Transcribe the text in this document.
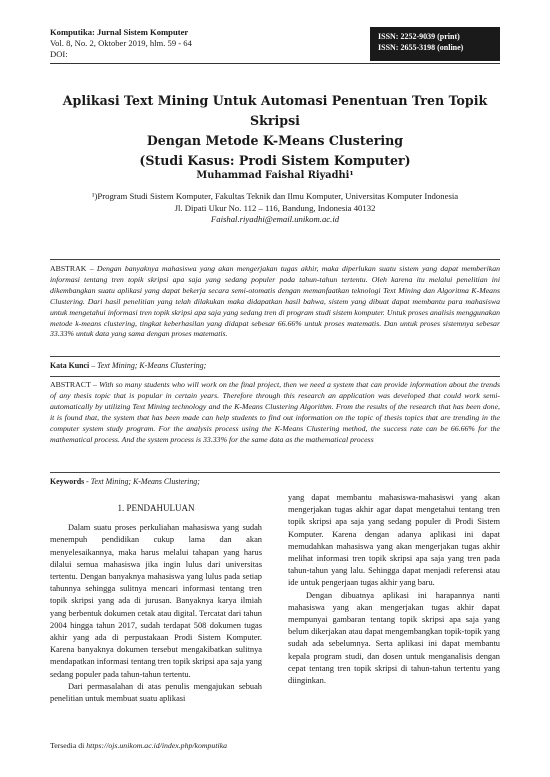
Komputika: Jurnal Sistem Komputer
Vol. 8, No. 2, Oktober 2019, hlm. 59 - 64
DOI:
ISSN: 2252-9039 (print)
ISSN: 2655-3198 (online)
Aplikasi Text Mining Untuk Automasi Penentuan Tren Topik Skripsi
Dengan Metode K-Means Clustering
(Studi Kasus: Prodi Sistem Komputer)
Muhammad Faishal Riyadhi¹
¹)Program Studi Sistem Komputer, Fakultas Teknik dan Ilmu Komputer, Universitas Komputer Indonesia
Jl. Dipati Ukur No. 112 – 116, Bandung, Indonesia 40132
Faishal.riyadhi@email.unikom.ac.id
ABSTRAK – Dengan banyaknya mahasiswa yang akan mengerjakan tugas akhir, maka diperlukan suatu sistem yang dapat memberikan informasi tentang tren topik skripsi apa saja yang sedang populer pada tahun-tahun tertentu. Oleh karena itu melalui penelitian ini dikembangkan suatu aplikasi yang dapat bekerja secara semi-otomatis dengan memanfaatkan teknologi Text Mining dan Algoritma K-Means Clustering. Dari hasil penelitian yang telah dilakukan maka didapatkan hasil bahwa, sistem yang dibuat dapat membantu para mahasiswa untuk mengetahui informasi tren topik skripsi apa saja yang sedang tren di program studi sistem komputer. Untuk proses analisis menggunakan metode k-means clustering, tingkat keberhasilan yang didapat sebesar 66.66% untuk proses matematis. Dan untuk proses sistemnya sebesar 33.33% untuk data yang sama dengan proses matematis.
Kata Kunci – Text Mining; K-Means Clustering;
ABSTRACT – With so many students who will work on the final project, then we need a system that can provide information about the trends of any thesis topic that is popular in certain years. Therefore through this research an application was developed that could work semi-automatically by utilizing Text Mining technology and the K-Means Clustering Algorithm. From the results of the research that has been done, it is found that, the system that has been made can help students to find out information on the topic of thesis topics that are trending in the computer system study program. For the analysis process using the K-Means Clustering method, the success rate can be 66.66% for the mathematical process. And the system process is 33.33% for the same data as the mathematical process
Keywords - Text Mining; K-Means Clustering;

1. PENDAHULUAN

Dalam suatu proses perkuliahan mahasiswa yang sudah menempuh pendidikan cukup lama dan akan menyelesaikannya, maka harus melalui tahapan yang harus dilalui semua mahasiswa jika ingin lulus dari universitas tertentu. Dengan banyaknya mahasiswa yang lulus pada setiap tahunnya sehingga sulitnya mencari informasi tentang tren topik skripsi yang ada di jurusan. Banyaknya karya ilmiah yang berbentuk dokumen cetak atau digital. Tercatat dari tahun 2004 hingga tahun 2017, sudah terdapat 508 dokumen tugas akhir yang ada di perpustakaan Prodi Sistem Komputer. Karena banyaknya dokumen tersebut mengakibatkan sulitnya mendapatkan informasi tentang tren topik skripsi apa saja yang sedang populer pada tahun-tahun tertentu.

Dari permasalahan di atas penulis mengajukan sebuah penelitian untuk membuat suatu aplikasi

yang dapat membantu mahasiswa-mahasiswi yang akan mengerjakan tugas akhir agar dapat mengetahui tentang tren topik skripsi apa saja yang sedang populer di Prodi Sistem Komputer. Karena dengan adanya aplikasi ini dapat memudahkan mahasiswa yang akan mengerjakan tugas akhir melihat informasi tren topik skripsi apa saja yang tren pada tahun-tahun yang lalu. Sehingga dapat menjadi referensi atau ide untuk pengerjaan tugas akhir yang baru.

Dengan dibuatnya aplikasi ini harapannya nanti mahasiswa yang akan mengerjakan tugas akhir dapat mempunyai gambaran tentang topik skripsi apa saja yang belum dikerjakan atau dapat mengembangkan topik-topik yang sudah ada sebelumnya. Serta aplikasi ini dapat membantu kepala program studi, dan dosen untuk menganalisis dengan cepat tentang tren topik skripsi di tahun-tahun tertentu yang diinginkan.

Tersedia di https://ojs.unikom.ac.id/index.php/komputika
